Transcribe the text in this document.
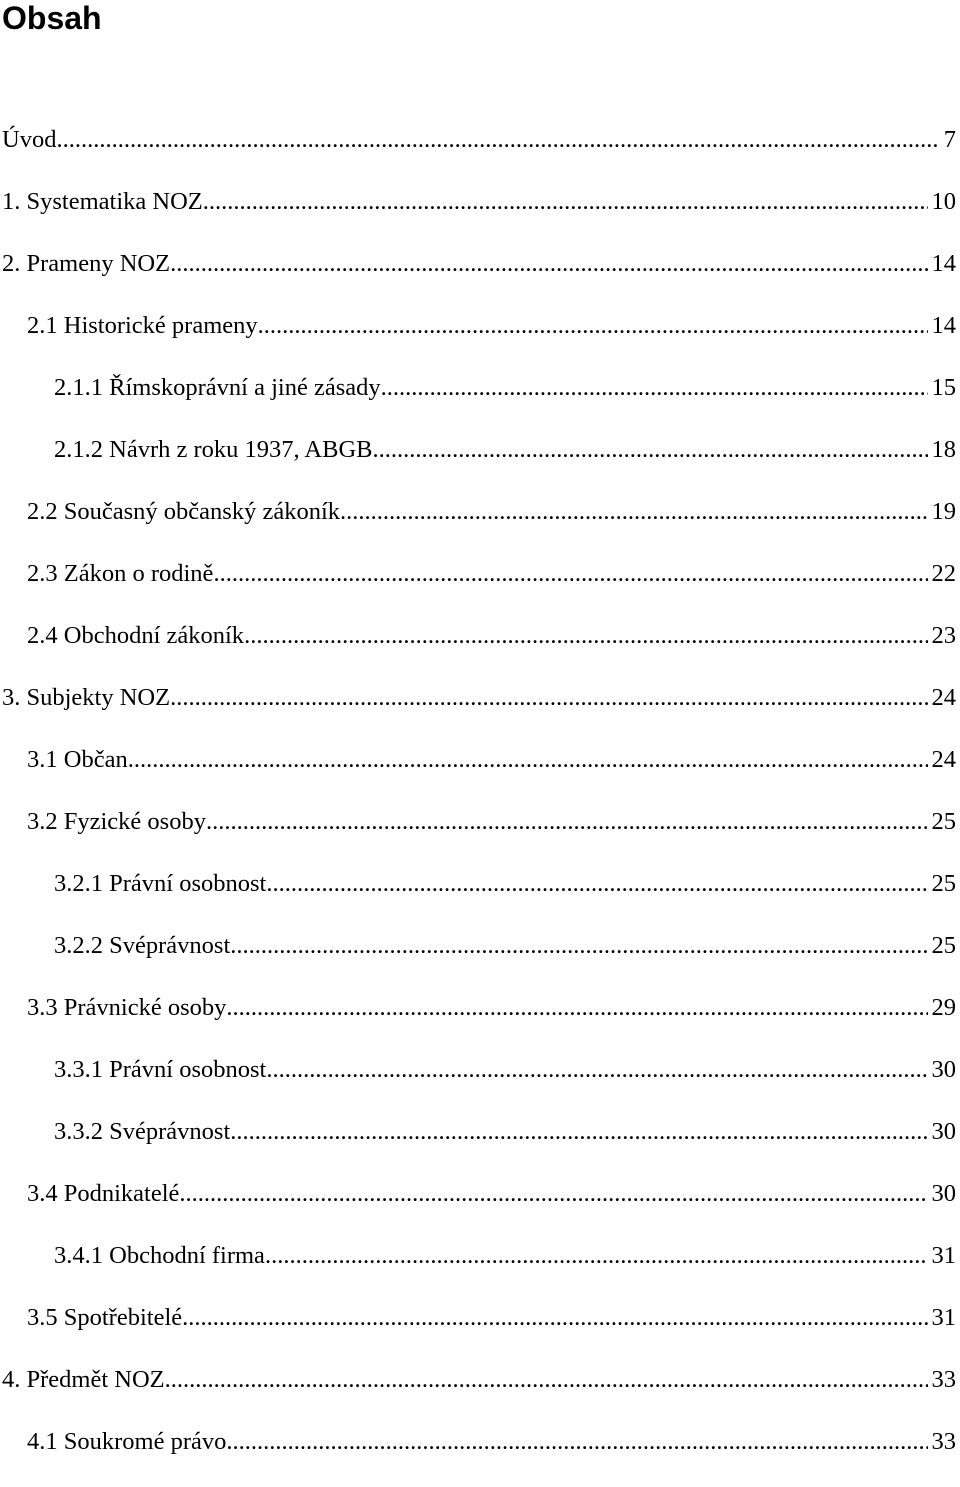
Obsah
Úvod .....	7
1. Systematika NOZ .....	10
2. Prameny NOZ .....	14
2.1 Historické prameny .....	14
2.1.1 Římskoprávní a jiné zásady .....	15
2.1.2 Návrh z roku 1937, ABGB .....	18
2.2 Současný občanský zákoník .....	19
2.3 Zákon o rodině .....	22
2.4 Obchodní zákoník .....	23
3. Subjekty NOZ .....	24
3.1 Občan .....	24
3.2 Fyzické osoby .....	25
3.2.1 Právní osobnost .....	25
3.2.2 Svéprávnost .....	25
3.3 Právnické osoby .....	29
3.3.1 Právní osobnost .....	30
3.3.2 Svéprávnost .....	30
3.4 Podnikatelé .....	30
3.4.1 Obchodní firma .....	31
3.5 Spotřebitelé .....	31
4. Předmět NOZ .....	33
4.1 Soukromé právo .....	33
